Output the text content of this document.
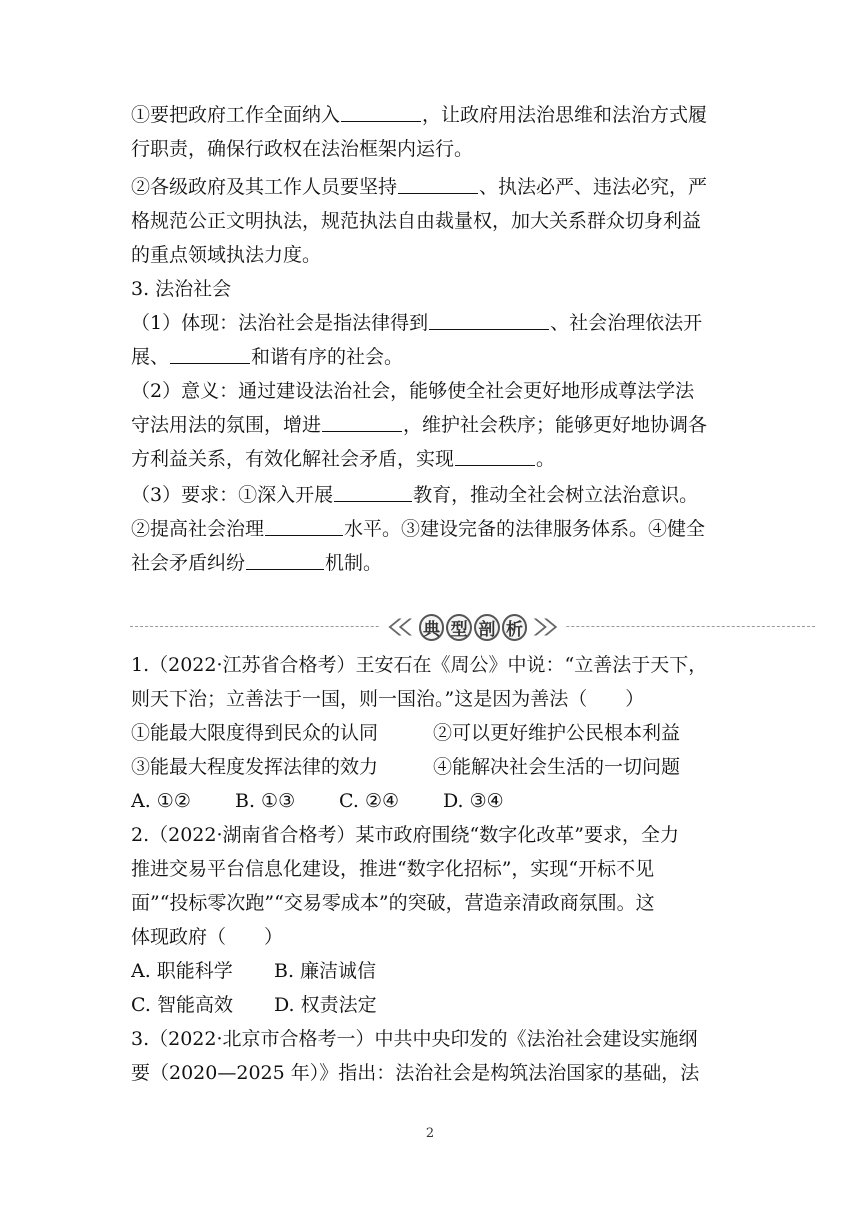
①要把政府工作全面纳入	，让政府用法治思维和法治方式履
行职责，确保行政权在法治框架内运行。
②各级政府及其工作人员要坚持	、执法必严、违法必究，严
格规范公正文明执法，规范执法自由裁量权，加大关系群众切身利益
的重点领域执法力度。
3. 法治社会
（1）体现：法治社会是指法律得到	、社会治理依法开
展、	和谐有序的社会。
（2）意义：通过建设法治社会，能够使全社会更好地形成尊法学法
守法用法的氛围，增进	，维护社会秩序；能够更好地协调各
方利益关系，有效化解社会矛盾，实现	。
（3）要求：①深入开展	教育，推动全社会树立法治意识。
②提高社会治理	水平。③建设完备的法律服务体系。④健全
社会矛盾纠纷	机制。
典 型 剖 析
1.（2022·江苏省合格考）王安石在《周公》中说：“立善法于天下，
则天下治；立善法于一国，则一国治。”这是因为善法（　　）
①能最大限度得到民众的认同	②可以更好维护公民根本利益
③能最大程度发挥法律的效力	④能解决社会生活的一切问题
A. ①② B. ①③ C. ②④ D. ③④
2.（2022·湖南省合格考）某市政府围绕“数字化改革”要求，全力
推进交易平台信息化建设，推进“数字化招标”，实现“开标不见
面”“投标零次跑”“交易零成本”的突破，营造亲清政商氛围。这
体现政府（　　）
A. 职能科学 B. 廉洁诚信
C. 智能高效 D. 权责法定
3.（2022·北京市合格考一）中共中央印发的《法治社会建设实施纲
要（2020—2025 年）》指出：法治社会是构筑法治国家的基础，法
2
